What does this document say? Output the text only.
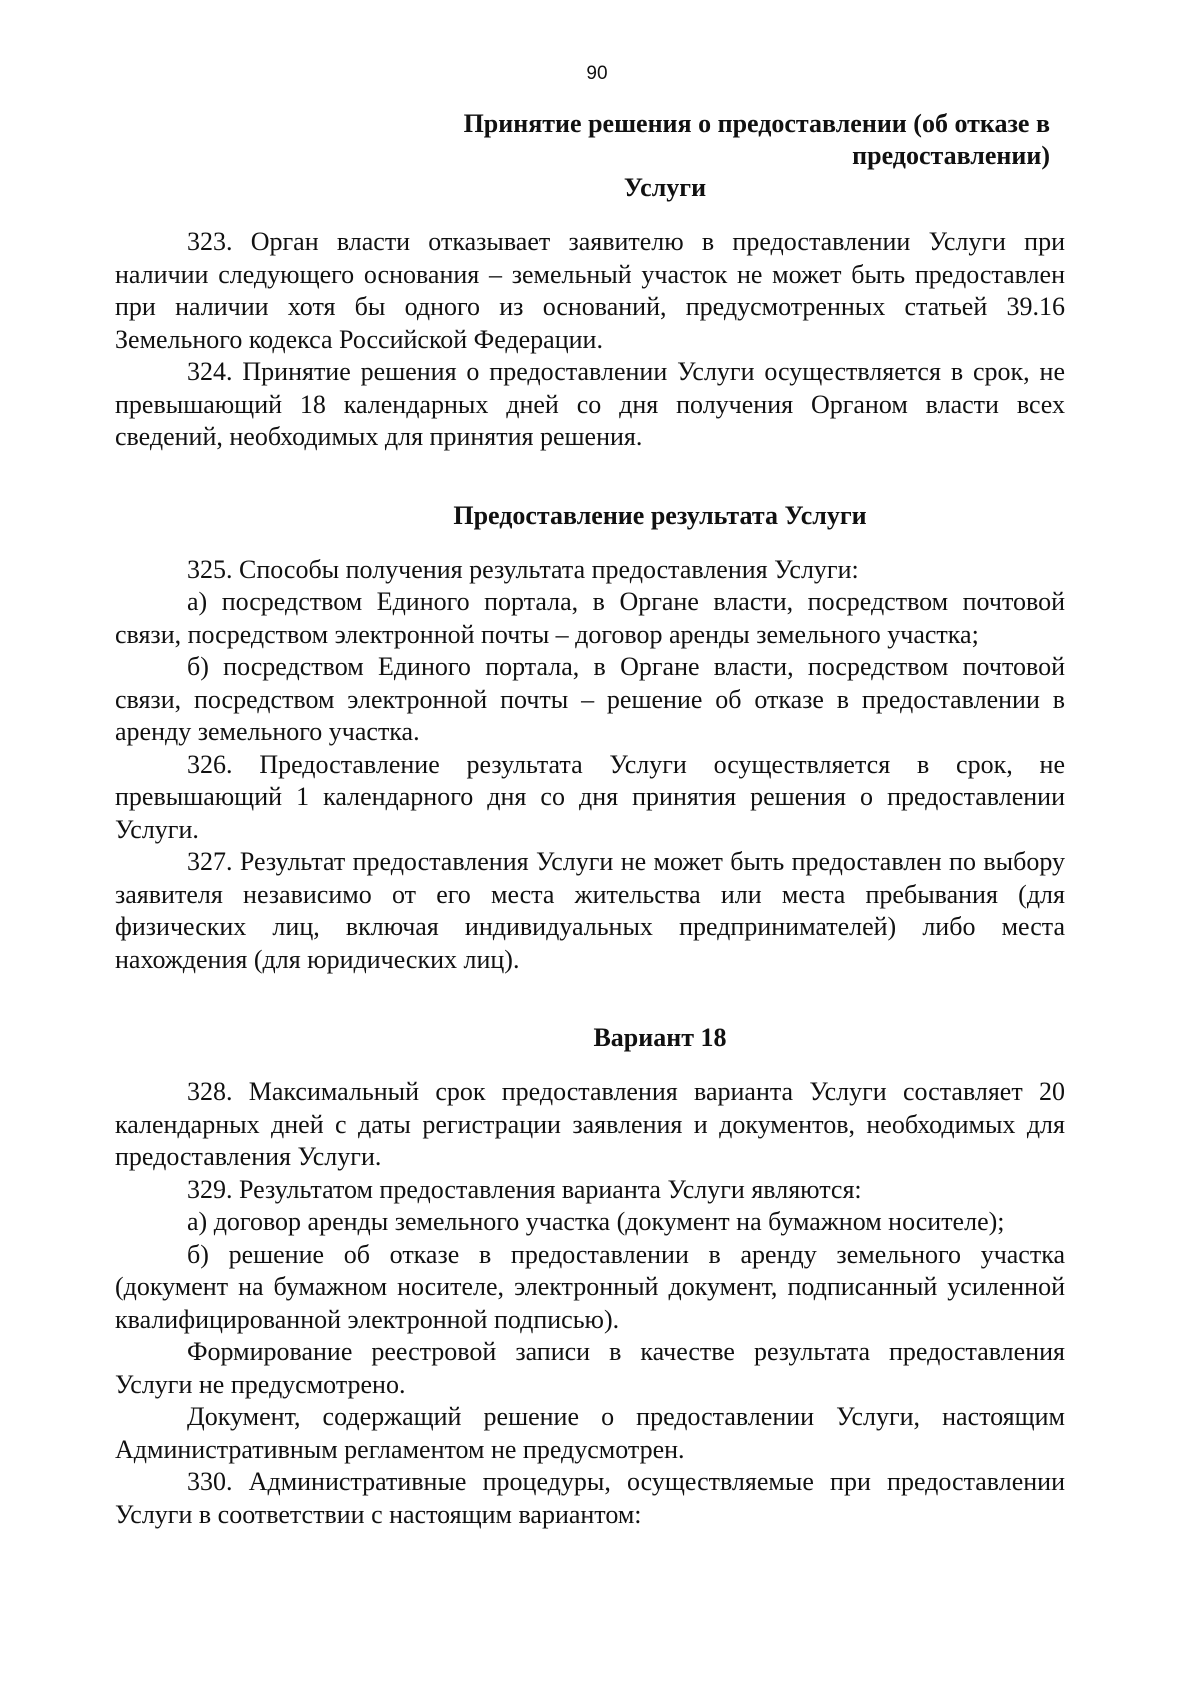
90
Принятие решения о предоставлении (об отказе в предоставлении)
Услуги

323. Орган власти отказывает заявителю в предоставлении Услуги при наличии следующего основания – земельный участок не может быть предоставлен при наличии хотя бы одного из оснований, предусмотренных статьей 39.16 Земельного кодекса Российской Федерации.

324. Принятие решения о предоставлении Услуги осуществляется в срок, не превышающий 18 календарных дней со дня получения Органом власти всех сведений, необходимых для принятия решения.

Предоставление результата Услуги

325. Способы получения результата предоставления Услуги:

а) посредством Единого портала, в Органе власти, посредством почтовой связи, посредством электронной почты – договор аренды земельного участка;

б) посредством Единого портала, в Органе власти, посредством почтовой связи, посредством электронной почты – решение об отказе в предоставлении в аренду земельного участка.

326. Предоставление результата Услуги осуществляется в срок, не превышающий 1 календарного дня со дня принятия решения о предоставлении Услуги.

327. Результат предоставления Услуги не может быть предоставлен по выбору заявителя независимо от его места жительства или места пребывания (для физических лиц, включая индивидуальных предпринимателей) либо места нахождения (для юридических лиц).

Вариант 18

328. Максимальный срок предоставления варианта Услуги составляет 20 календарных дней с даты регистрации заявления и документов, необходимых для предоставления Услуги.

329. Результатом предоставления варианта Услуги являются:

а) договор аренды земельного участка (документ на бумажном носителе);

б) решение об отказе в предоставлении в аренду земельного участка (документ на бумажном носителе, электронный документ, подписанный усиленной квалифицированной электронной подписью).

Формирование реестровой записи в качестве результата предоставления Услуги не предусмотрено.

Документ, содержащий решение о предоставлении Услуги, настоящим Административным регламентом не предусмотрен.

330. Административные процедуры, осуществляемые при предоставлении Услуги в соответствии с настоящим вариантом:
